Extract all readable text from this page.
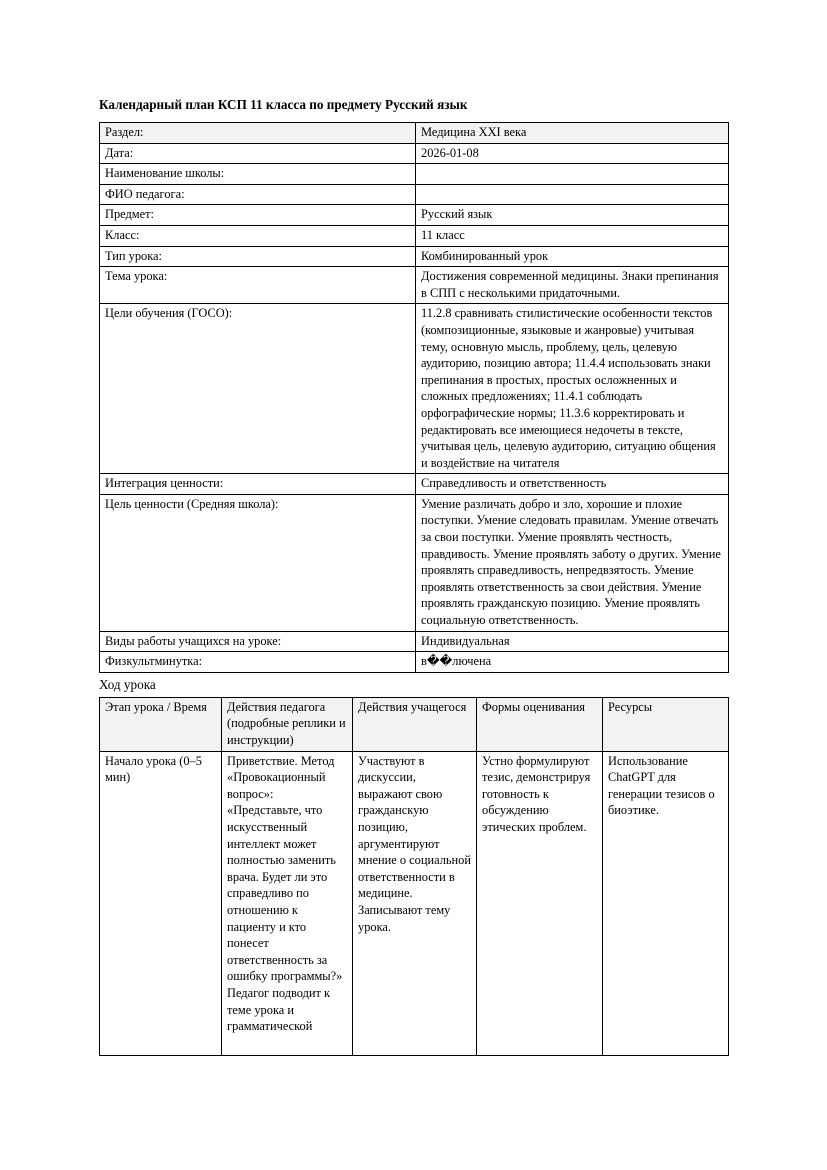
Календарный план КСП 11 класса по предмету Русский язык
Раздел:	Медицина XXI века
Дата:	2026-01-08
Наименование школы:	
ФИО педагога:	
Предмет:	Русский язык
Класс:	11 класс
Тип урока:	Комбинированный урок
Тема урока:	Достижения современной медицины. Знаки препинания в СПП с несколькими придаточными.
Цели обучения (ГОСО):	11.2.8 сравнивать стилистические особенности текстов (композиционные, языковые и жанровые) учитывая тему, основную мысль, проблему, цель, целевую аудиторию, позицию автора; 11.4.4 использовать знаки препинания в простых, простых осложненных и сложных предложениях; 11.4.1 соблюдать орфографические нормы; 11.3.6 корректировать и редактировать все имеющиеся недочеты в тексте, учитывая цель, целевую аудиторию, ситуацию общения и воздействие на читателя
Интеграция ценности:	Справедливость и ответственность
Цель ценности (Средняя школа):	Умение различать добро и зло, хорошие и плохие поступки. Умение следовать правилам. Умение отвечать за свои поступки. Умение проявлять честность, правдивость. Умение проявлять заботу о других. Умение проявлять справедливость, непредвзятость. Умение проявлять ответственность за свои действия. Умение проявлять гражданскую позицию. Умение проявлять социальную ответственность.
Виды работы учащихся на уроке:	Индивидуальная
Физкультминутка:	в��лючена

Ход урока

Этап урока / Время	Действия педагога (подробные реплики и инструкции)	Действия учащегося	Формы оценивания	Ресурсы

Начало урока (0–5 мин)	Приветствие. Метод «Провокационный вопрос»: «Представьте, что искусственный интеллект может полностью заменить врача. Будет ли это справедливо по отношению к пациенту и кто понесет ответственность за ошибку программы?» Педагог подводит к теме урока и грамматической	Участвуют в дискуссии, выражают свою гражданскую позицию, аргументируют мнение о социальной ответственности в медицине. Записывают тему урока.	Устно формулируют тезис, демонстрируя готовность к обсуждению этических проблем.	Использование ChatGPT для генерации тезисов о биоэтике.
